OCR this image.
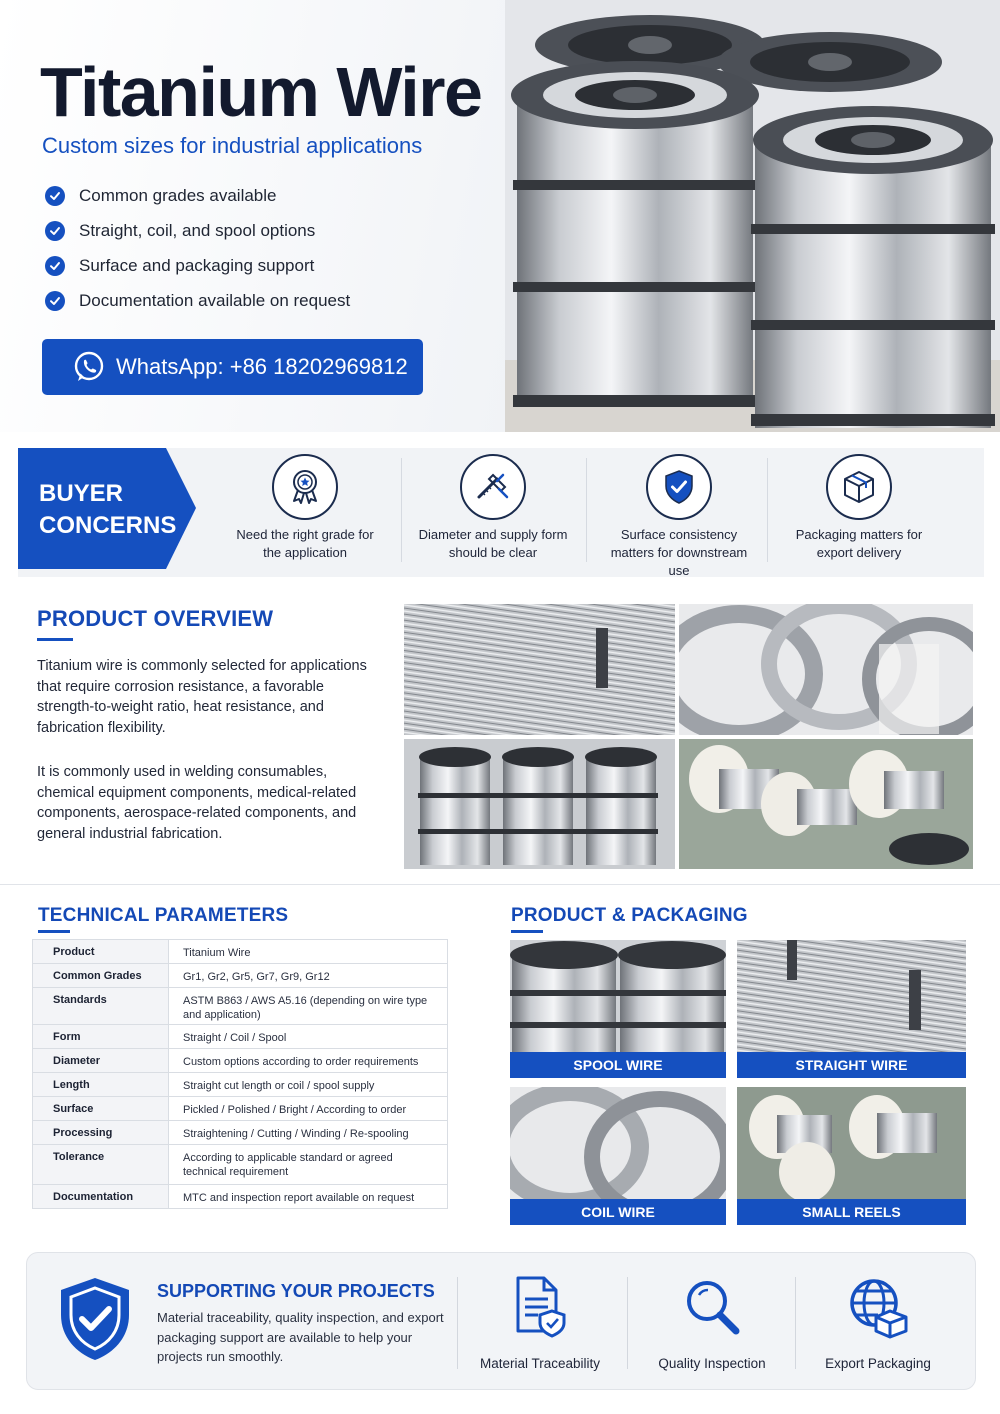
Titanium Wire
Custom sizes for industrial applications
Common grades available
Straight, coil, and spool options
Surface and packaging support
Documentation available on request
WhatsApp: +86 18202969812
BUYER
CONCERNS	Need the right grade for the application
Diameter and supply form should be clear
Surface consistency matters for downstream use
Packaging matters for export delivery
PRODUCT OVERVIEW

Titanium wire is commonly selected for applications that require corrosion resistance, a favorable strength-to-weight ratio, heat resistance, and fabrication flexibility.

It is commonly used in welding consumables, chemical equipment components, medical-related components, aerospace-related components, and general industrial fabrication.

TECHNICAL PARAMETERS
Product	Titanium Wire
Common Grades	Gr1, Gr2, Gr5, Gr7, Gr9, Gr12
Standards	ASTM B863 / AWS A5.16 (depending on wire type and application)
Form	Straight / Coil / Spool
Diameter	Custom options according to order requirements
Length	Straight cut length or coil / spool supply
Surface	Pickled / Polished / Bright / According to order
Processing	Straightening / Cutting / Winding / Re-spooling
Tolerance	According to applicable standard or agreed technical requirement
Documentation	MTC and inspection report available on request
PRODUCT & PACKAGING
SPOOL WIRE	STRAIGHT WIRE
COIL WIRE	SMALL REELS
SUPPORTING YOUR PROJECTS

Material traceability, quality inspection, and export packaging support are available to help your projects run smoothly.	Material Traceability	Quality Inspection	Export Packaging
